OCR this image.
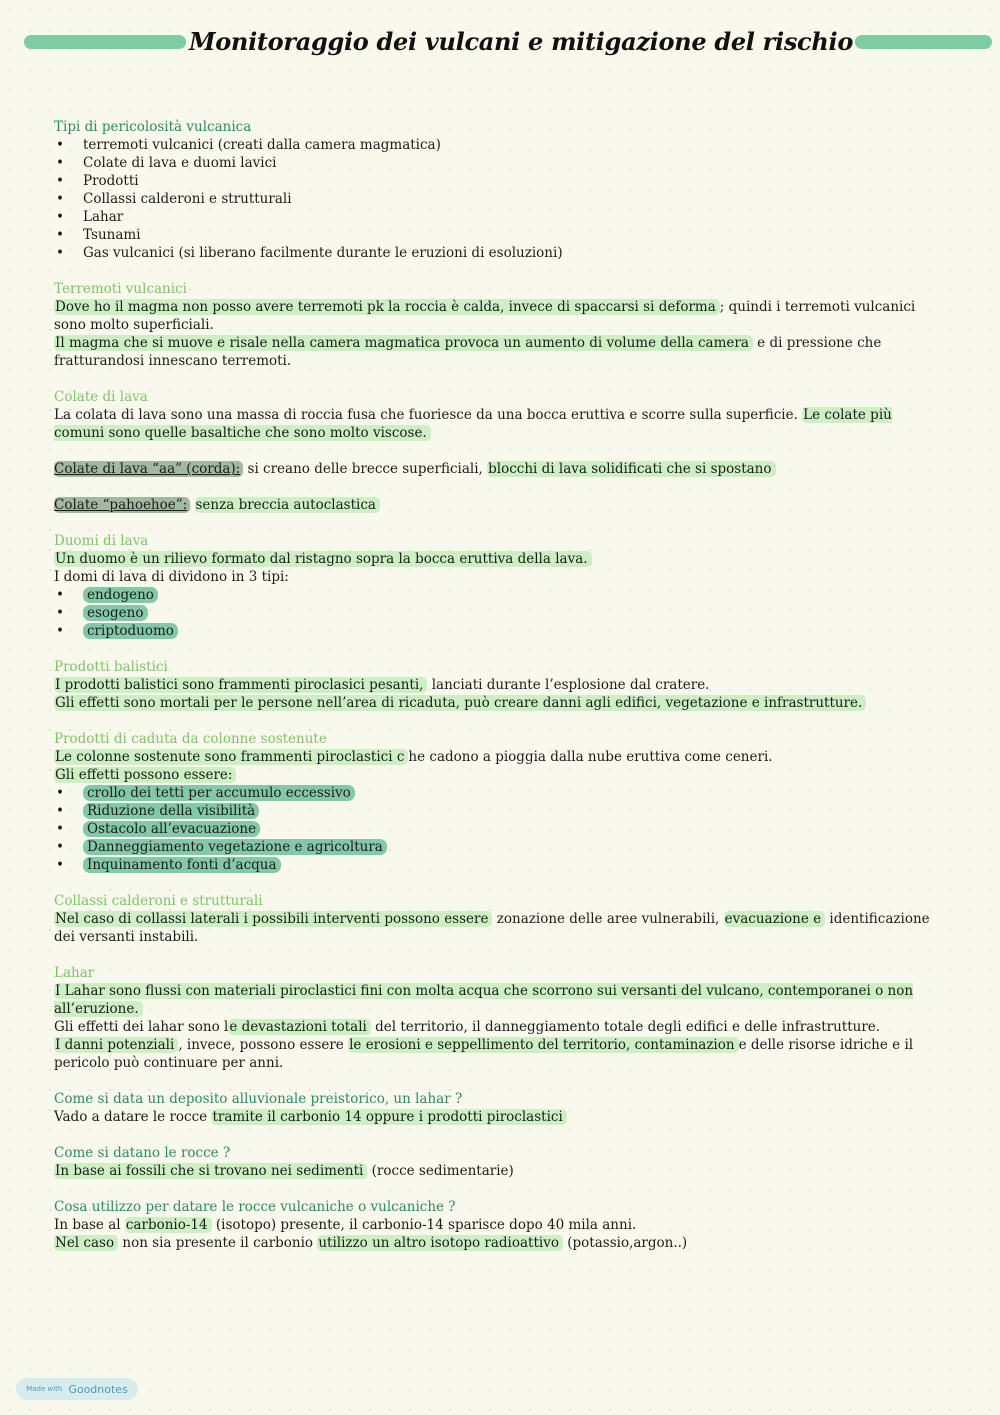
Monitoraggio dei vulcani e mitigazione del rischio
Tipi di pericolosità vulcanica
• terremoti vulcanici (creati dalla camera magmatica)
• Colate di lava e duomi lavici
• Prodotti
• Collassi calderoni e strutturali
• Lahar
• Tsunami
• Gas vulcanici (si liberano facilmente durante le eruzioni di esoluzioni)
Terremoti vulcanici

Dove ho il magma non posso avere terremoti pk la roccia è calda, invece di spaccarsi si deforma ; quindi i terremoti vulcanici sono molto superficiali.

Il magma che si muove e risale nella camera magmatica provoca un aumento di volume della camera e di pressione che fratturandosi innescano terremoti.

Colate di lava

La colata di lava sono una massa di roccia fusa che fuoriesce da una bocca eruttiva e scorre sulla superficie. Le colate più comuni sono quelle basaltiche che sono molto viscose.

Colate di lava “aa” (corda): si creano delle brecce superficiali, blocchi di lava solidificati che si spostano

Colate “pahoehoe”: senza breccia autoclastica

Duomi di lava

Un duomo è un rilievo formato dal ristagno sopra la bocca eruttiva della lava.

I domi di lava di dividono in 3 tipi:

• endogeno
• esogeno
• criptoduomo
Prodotti balistici

I prodotti balistici sono frammenti piroclasici pesanti, lanciati durante l’esplosione dal cratere.

Gli effetti sono mortali per le persone nell’area di ricaduta, può creare danni agli edifici, vegetazione e infrastrutture.

Prodotti di caduta da colonne sostenute

Le colonne sostenute sono frammenti piroclastici c he cadono a pioggia dalla nube eruttiva come ceneri.

Gli effetti possono essere:

• crollo dei tetti per accumulo eccessivo
• Riduzione della visibilità
• Ostacolo all’evacuazione
• Danneggiamento vegetazione e agricoltura
• Inquinamento fonti d’acqua
Collassi calderoni e strutturali

Nel caso di collassi laterali i possibili interventi possono essere zonazione delle aree vulnerabili, evacuazione e identificazione dei versanti instabili.

Lahar

I Lahar sono flussi con materiali piroclastici fini con molta acqua che scorrono sui versanti del vulcano, contemporanei o non all’eruzione.

Gli effetti dei lahar sono le devastazioni totali del territorio, il danneggiamento totale degli edifici e delle infrastrutture.

I danni potenziali , invece, possono essere le erosioni e seppellimento del territorio, contaminazion e delle risorse idriche e il pericolo può continuare per anni.

Come si data un deposito alluvionale preistorico, un lahar ?

Vado a datare le rocce tramite il carbonio 14 oppure i prodotti piroclastici

Come si datano le rocce ?

In base ai fossili che si trovano nei sedimenti (rocce sedimentarie)

Cosa utilizzo per datare le rocce vulcaniche o vulcaniche ?

In base al carbonio-14 (isotopo) presente, il carbonio-14 sparisce dopo 40 mila anni.

Nel caso non sia presente il carbonio utilizzo un altro isotopo radioattivo (potassio,argon..)

Made with Goodnotes
